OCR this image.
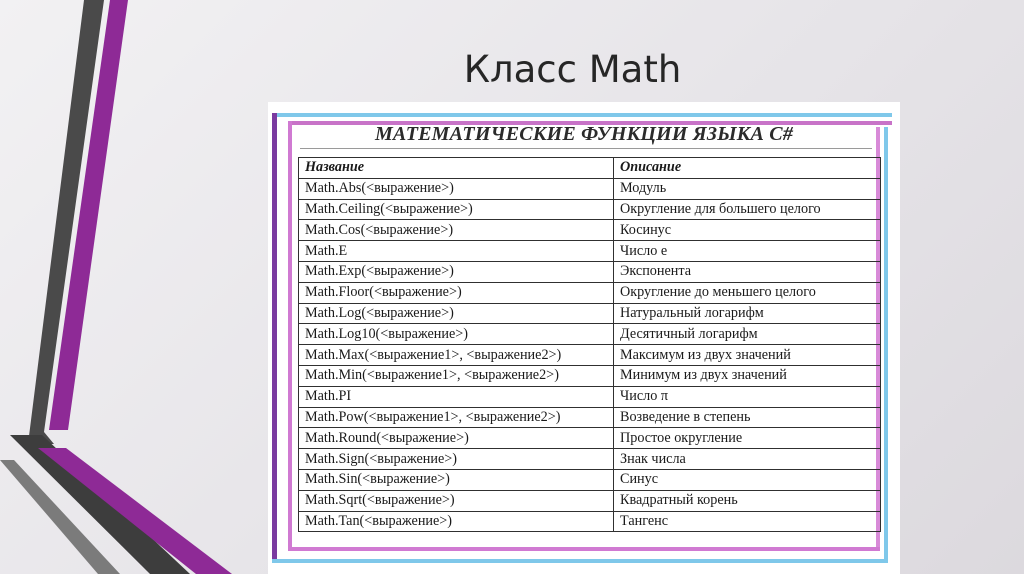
Класс Math
МАТЕМАТИЧЕСКИЕ ФУНКЦИИ ЯЗЫКА C#
Название	Описание
Math.Abs(<выражение>)	Модуль
Math.Ceiling(<выражение>)	Округление для большего целого
Math.Cos(<выражение>)	Косинус
Math.E	Число e
Math.Exp(<выражение>)	Экспонента
Math.Floor(<выражение>)	Округление до меньшего целого
Math.Log(<выражение>)	Натуральный логарифм
Math.Log10(<выражение>)	Десятичный логарифм
Math.Max(<выражение1>, <выражение2>)	Максимум из двух значений
Math.Min(<выражение1>, <выражение2>)	Минимум из двух значений
Math.PI	Число π
Math.Pow(<выражение1>, <выражение2>)	Возведение в степень
Math.Round(<выражение>)	Простое округление
Math.Sign(<выражение>)	Знак числа
Math.Sin(<выражение>)	Синус
Math.Sqrt(<выражение>)	Квадратный корень
Math.Tan(<выражение>)	Тангенс
